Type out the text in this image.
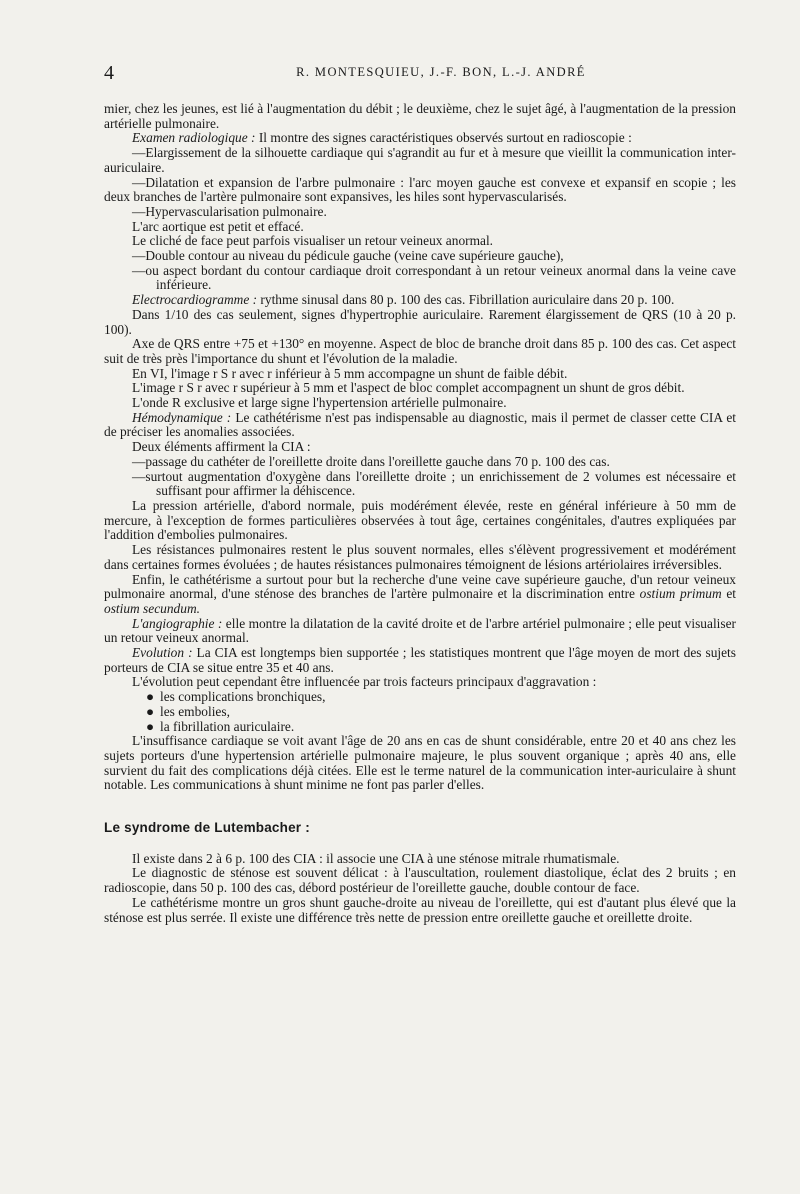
4	R. MONTESQUIEU, J.-F. BON, L.-J. ANDRÉ

mier, chez les jeunes, est lié à l'augmentation du débit ; le deuxième, chez le sujet âgé, à l'augmentation de la pression artérielle pulmonaire.

Examen radiologique : Il montre des signes caractéristiques observés surtout en radioscopie :

—Elargissement de la silhouette cardiaque qui s'agrandit au fur et à mesure que vieillit la communication inter-auriculaire.

—Dilatation et expansion de l'arbre pulmonaire : l'arc moyen gauche est convexe et expansif en scopie ; les deux branches de l'artère pulmonaire sont expansives, les hiles sont hypervascularisés.

—Hypervascularisation pulmonaire.

L'arc aortique est petit et effacé.

Le cliché de face peut parfois visualiser un retour veineux anormal.

—Double contour au niveau du pédicule gauche (veine cave supérieure gauche),

—ou aspect bordant du contour cardiaque droit correspondant à un retour veineux anormal dans la veine cave inférieure.

Electrocardiogramme : rythme sinusal dans 80 p. 100 des cas. Fibrillation auriculaire dans 20 p. 100.

Dans 1/10 des cas seulement, signes d'hypertrophie auriculaire. Rarement élargissement de QRS (10 à 20 p. 100).

Axe de QRS entre +75 et +130° en moyenne. Aspect de bloc de branche droit dans 85 p. 100 des cas. Cet aspect suit de très près l'importance du shunt et l'évolution de la maladie.

En VI, l'image r S r avec r inférieur à 5 mm accompagne un shunt de faible débit.

L'image r S r avec r supérieur à 5 mm et l'aspect de bloc complet accompagnent un shunt de gros débit.

L'onde R exclusive et large signe l'hypertension artérielle pulmonaire.

Hémodynamique : Le cathétérisme n'est pas indispensable au diagnostic, mais il permet de classer cette CIA et de préciser les anomalies associées.

Deux éléments affirment la CIA :

—passage du cathéter de l'oreillette droite dans l'oreillette gauche dans 70 p. 100 des cas.

—surtout augmentation d'oxygène dans l'oreillette droite ; un enrichissement de 2 volumes est nécessaire et suffisant pour affirmer la déhiscence.

La pression artérielle, d'abord normale, puis modérément élevée, reste en général inférieure à 50 mm de mercure, à l'exception de formes particulières observées à tout âge, certaines congénitales, d'autres expliquées par l'addition d'embolies pulmonaires.

Les résistances pulmonaires restent le plus souvent normales, elles s'élèvent progressivement et modérément dans certaines formes évoluées ; de hautes résistances pulmonaires témoignent de lésions artériolaires irréversibles.

Enfin, le cathétérisme a surtout pour but la recherche d'une veine cave supérieure gauche, d'un retour veineux pulmonaire anormal, d'une sténose des branches de l'artère pulmonaire et la discrimination entre ostium primum et ostium secundum.

L'angiographie : elle montre la dilatation de la cavité droite et de l'arbre artériel pulmonaire ; elle peut visualiser un retour veineux anormal.

Evolution : La CIA est longtemps bien supportée ; les statistiques montrent que l'âge moyen de mort des sujets porteurs de CIA se situe entre 35 et 40 ans.

L'évolution peut cependant être influencée par trois facteurs principaux d'aggravation :

● les complications bronchiques,

● les embolies,

● la fibrillation auriculaire.

L'insuffisance cardiaque se voit avant l'âge de 20 ans en cas de shunt considérable, entre 20 et 40 ans chez les sujets porteurs d'une hypertension artérielle pulmonaire majeure, le plus souvent organique ; après 40 ans, elle survient du fait des complications déjà citées. Elle est le terme naturel de la communication inter-auriculaire à shunt notable. Les communications à shunt minime ne font pas parler d'elles.

Le syndrome de Lutembacher :

Il existe dans 2 à 6 p. 100 des CIA : il associe une CIA à une sténose mitrale rhumatismale.

Le diagnostic de sténose est souvent délicat : à l'auscultation, roulement diastolique, éclat des 2 bruits ; en radioscopie, dans 50 p. 100 des cas, débord postérieur de l'oreillette gauche, double contour de face.

Le cathétérisme montre un gros shunt gauche-droite au niveau de l'oreillette, qui est d'autant plus élevé que la sténose est plus serrée. Il existe une différence très nette de pression entre oreillette gauche et oreillette droite.
